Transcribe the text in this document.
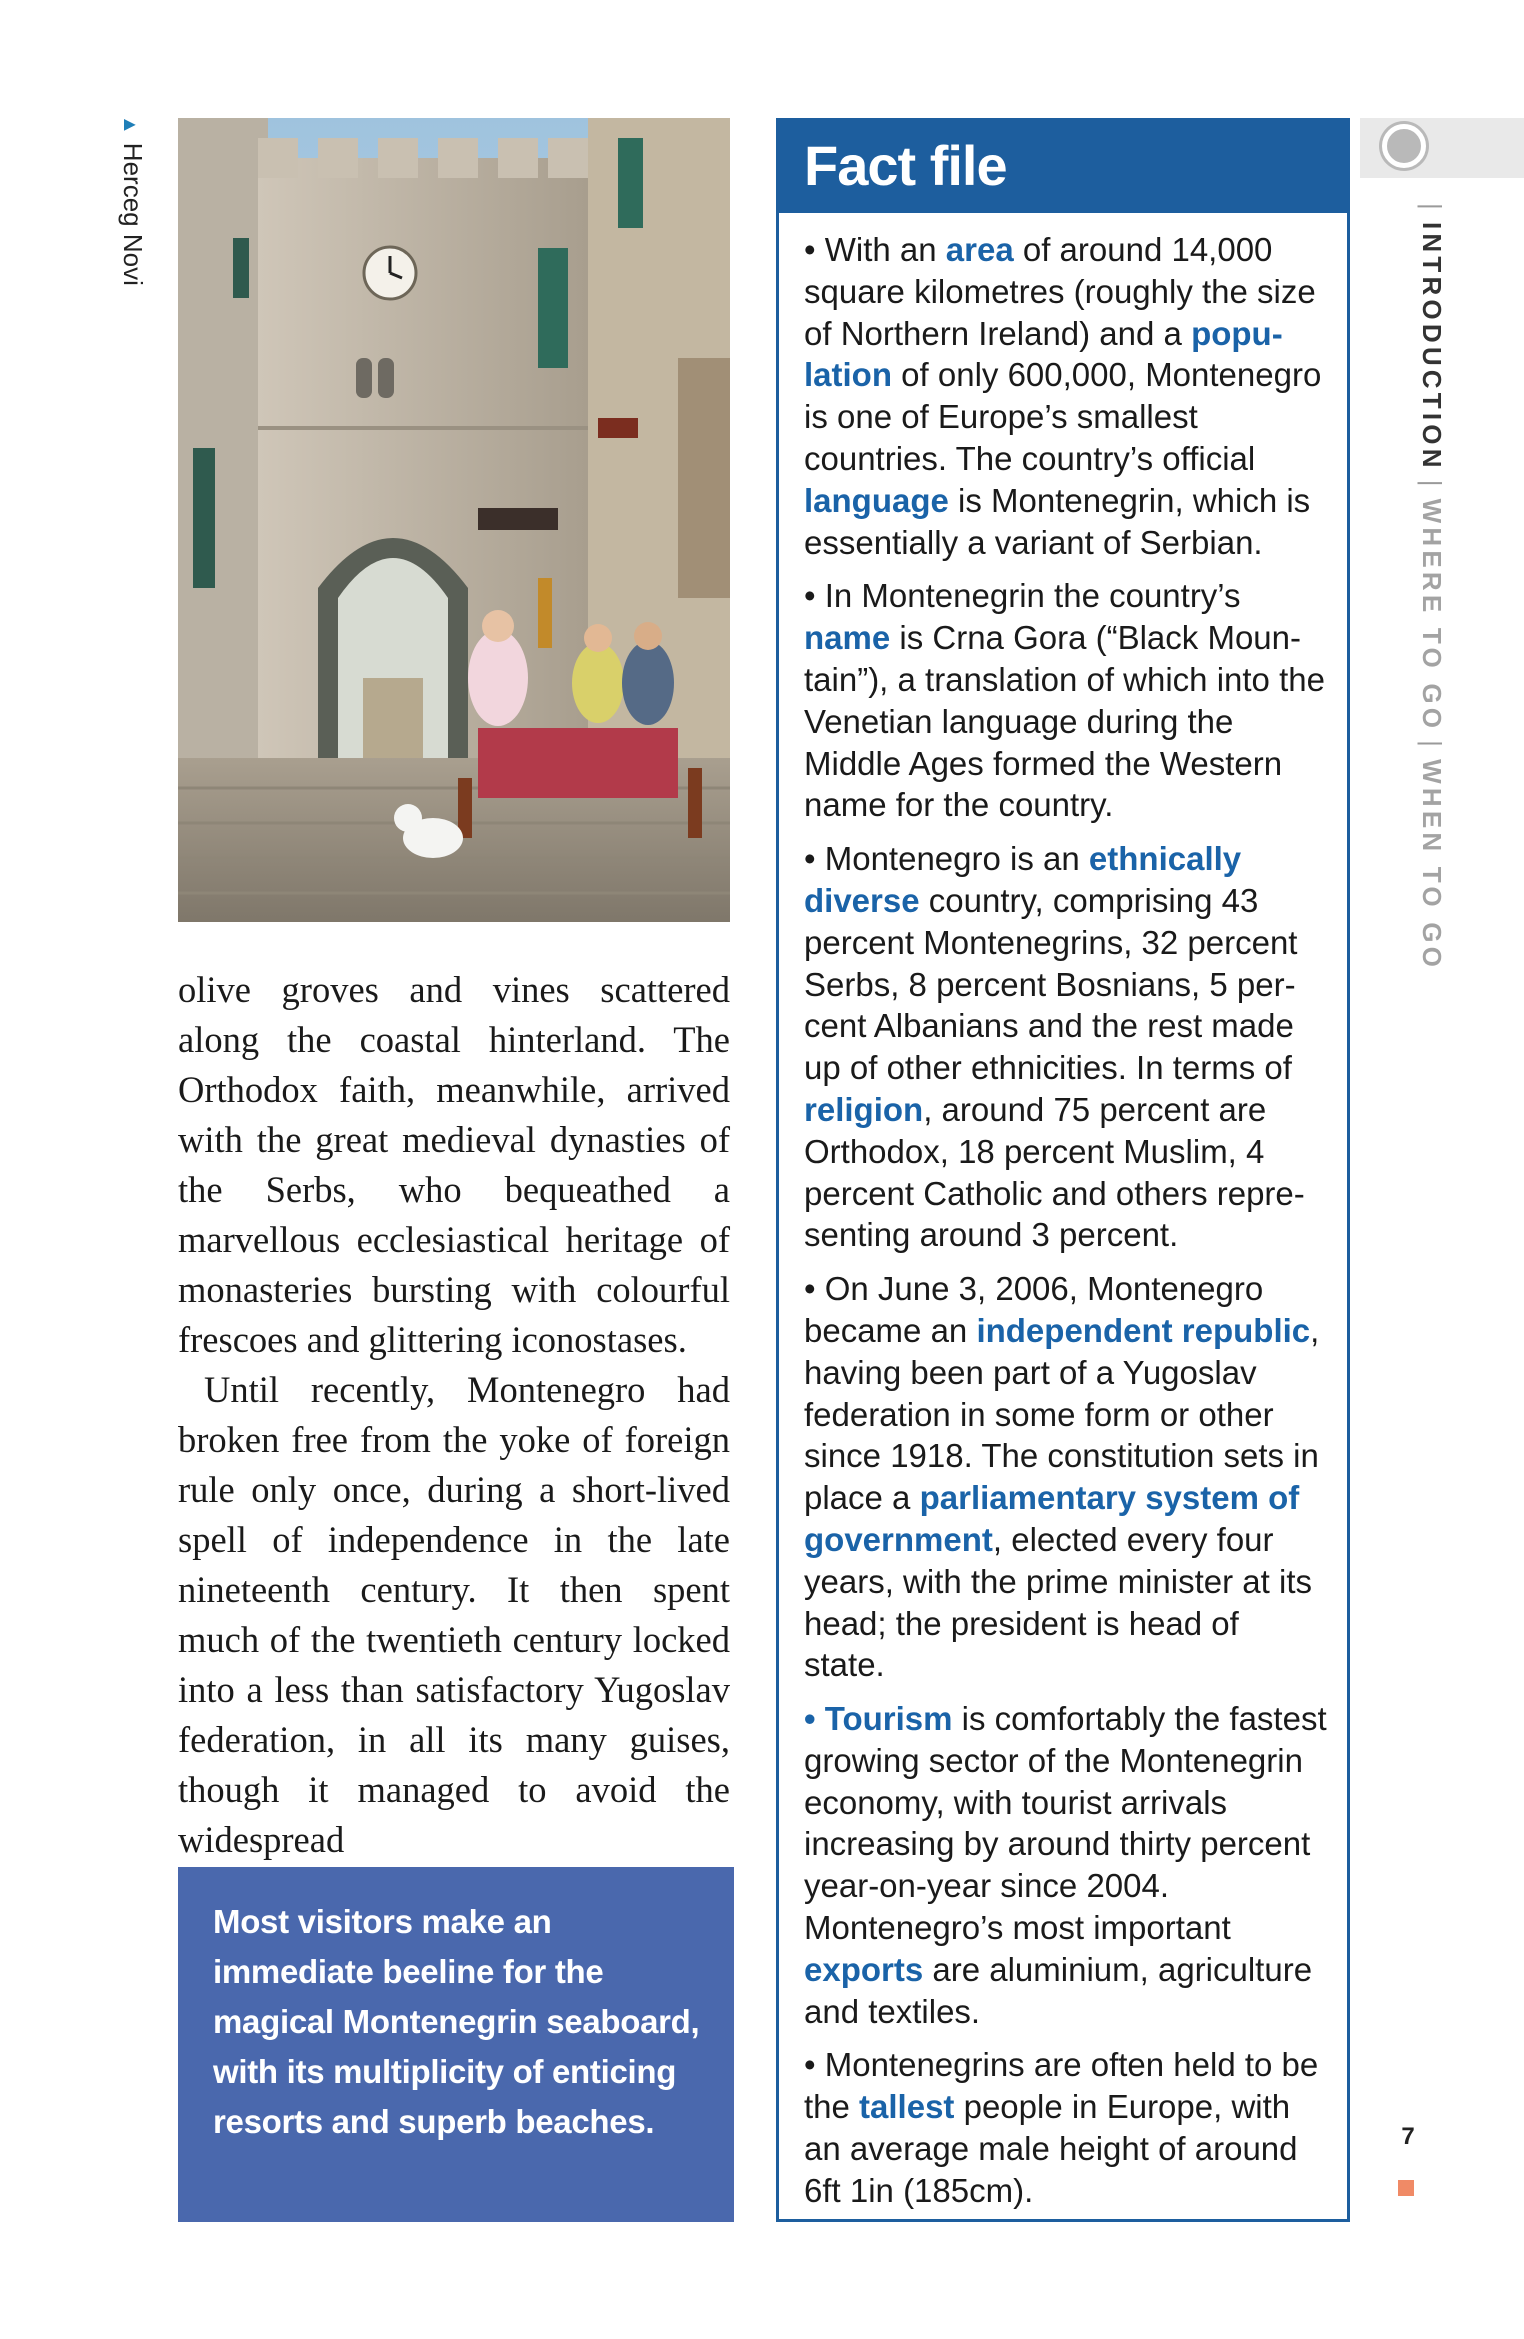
▲Herceg Novi

olive groves and vines scattered along the coastal hinterland. The Orthodox faith, meanwhile, arrived with the great medieval dynasties of the Serbs, who bequeathed a marvellous ecclesiastical heritage of monasteries bursting with colourful frescoes and glittering iconostases.

Until recently, Montenegro had broken free from the yoke of foreign rule only once, during a short-lived spell of independence in the late nineteenth century. It then spent much of the twentieth century locked into a less than satisfactory Yugoslav federation, in all its many guises, though it managed to avoid the widespread

Most visitors make an immediate beeline for the magical Montenegrin seaboard, with its multiplicity of enticing resorts and superb beaches.
Fact file

• With an area of around 14,000 square kilometres (roughly the size of Northern Ireland) and a population of only 600,000, Montenegro is one of Europe’s smallest countries. The country’s official language is Montenegrin, which is essentially a variant of Serbian.

• In Montenegrin the country’s name is Crna Gora (“Black Mountain”), a translation of which into the Venetian language during the Middle Ages formed the Western name for the country.

• Montenegro is an ethnically diverse country, comprising 43 percent Montenegrins, 32 percent Serbs, 8 percent Bosnians, 5 percent Albanians and the rest made up of other ethnicities. In terms of religion, around 75 percent are Orthodox, 18 percent Muslim, 4 percent Catholic and others representing around 3 percent.

• On June 3, 2006, Montenegro became an independent republic, having been part of a Yugoslav federation in some form or other since 1918. The constitution sets in place a parliamentary system of government, elected every four years, with the prime minister at its head; the president is head of state.

• Tourism is comfortably the fastest growing sector of the Montenegrin economy, with tourist arrivals increasing by around thirty percent year-on-year since 2004. Montenegro’s most important exports are aluminium, agriculture and textiles.

• Montenegrins are often held to be the tallest people in Europe, with an average male height of around 6ft 1in (185cm).

|INTRODUCTION|WHERE TO GO|WHEN TO GO
7
